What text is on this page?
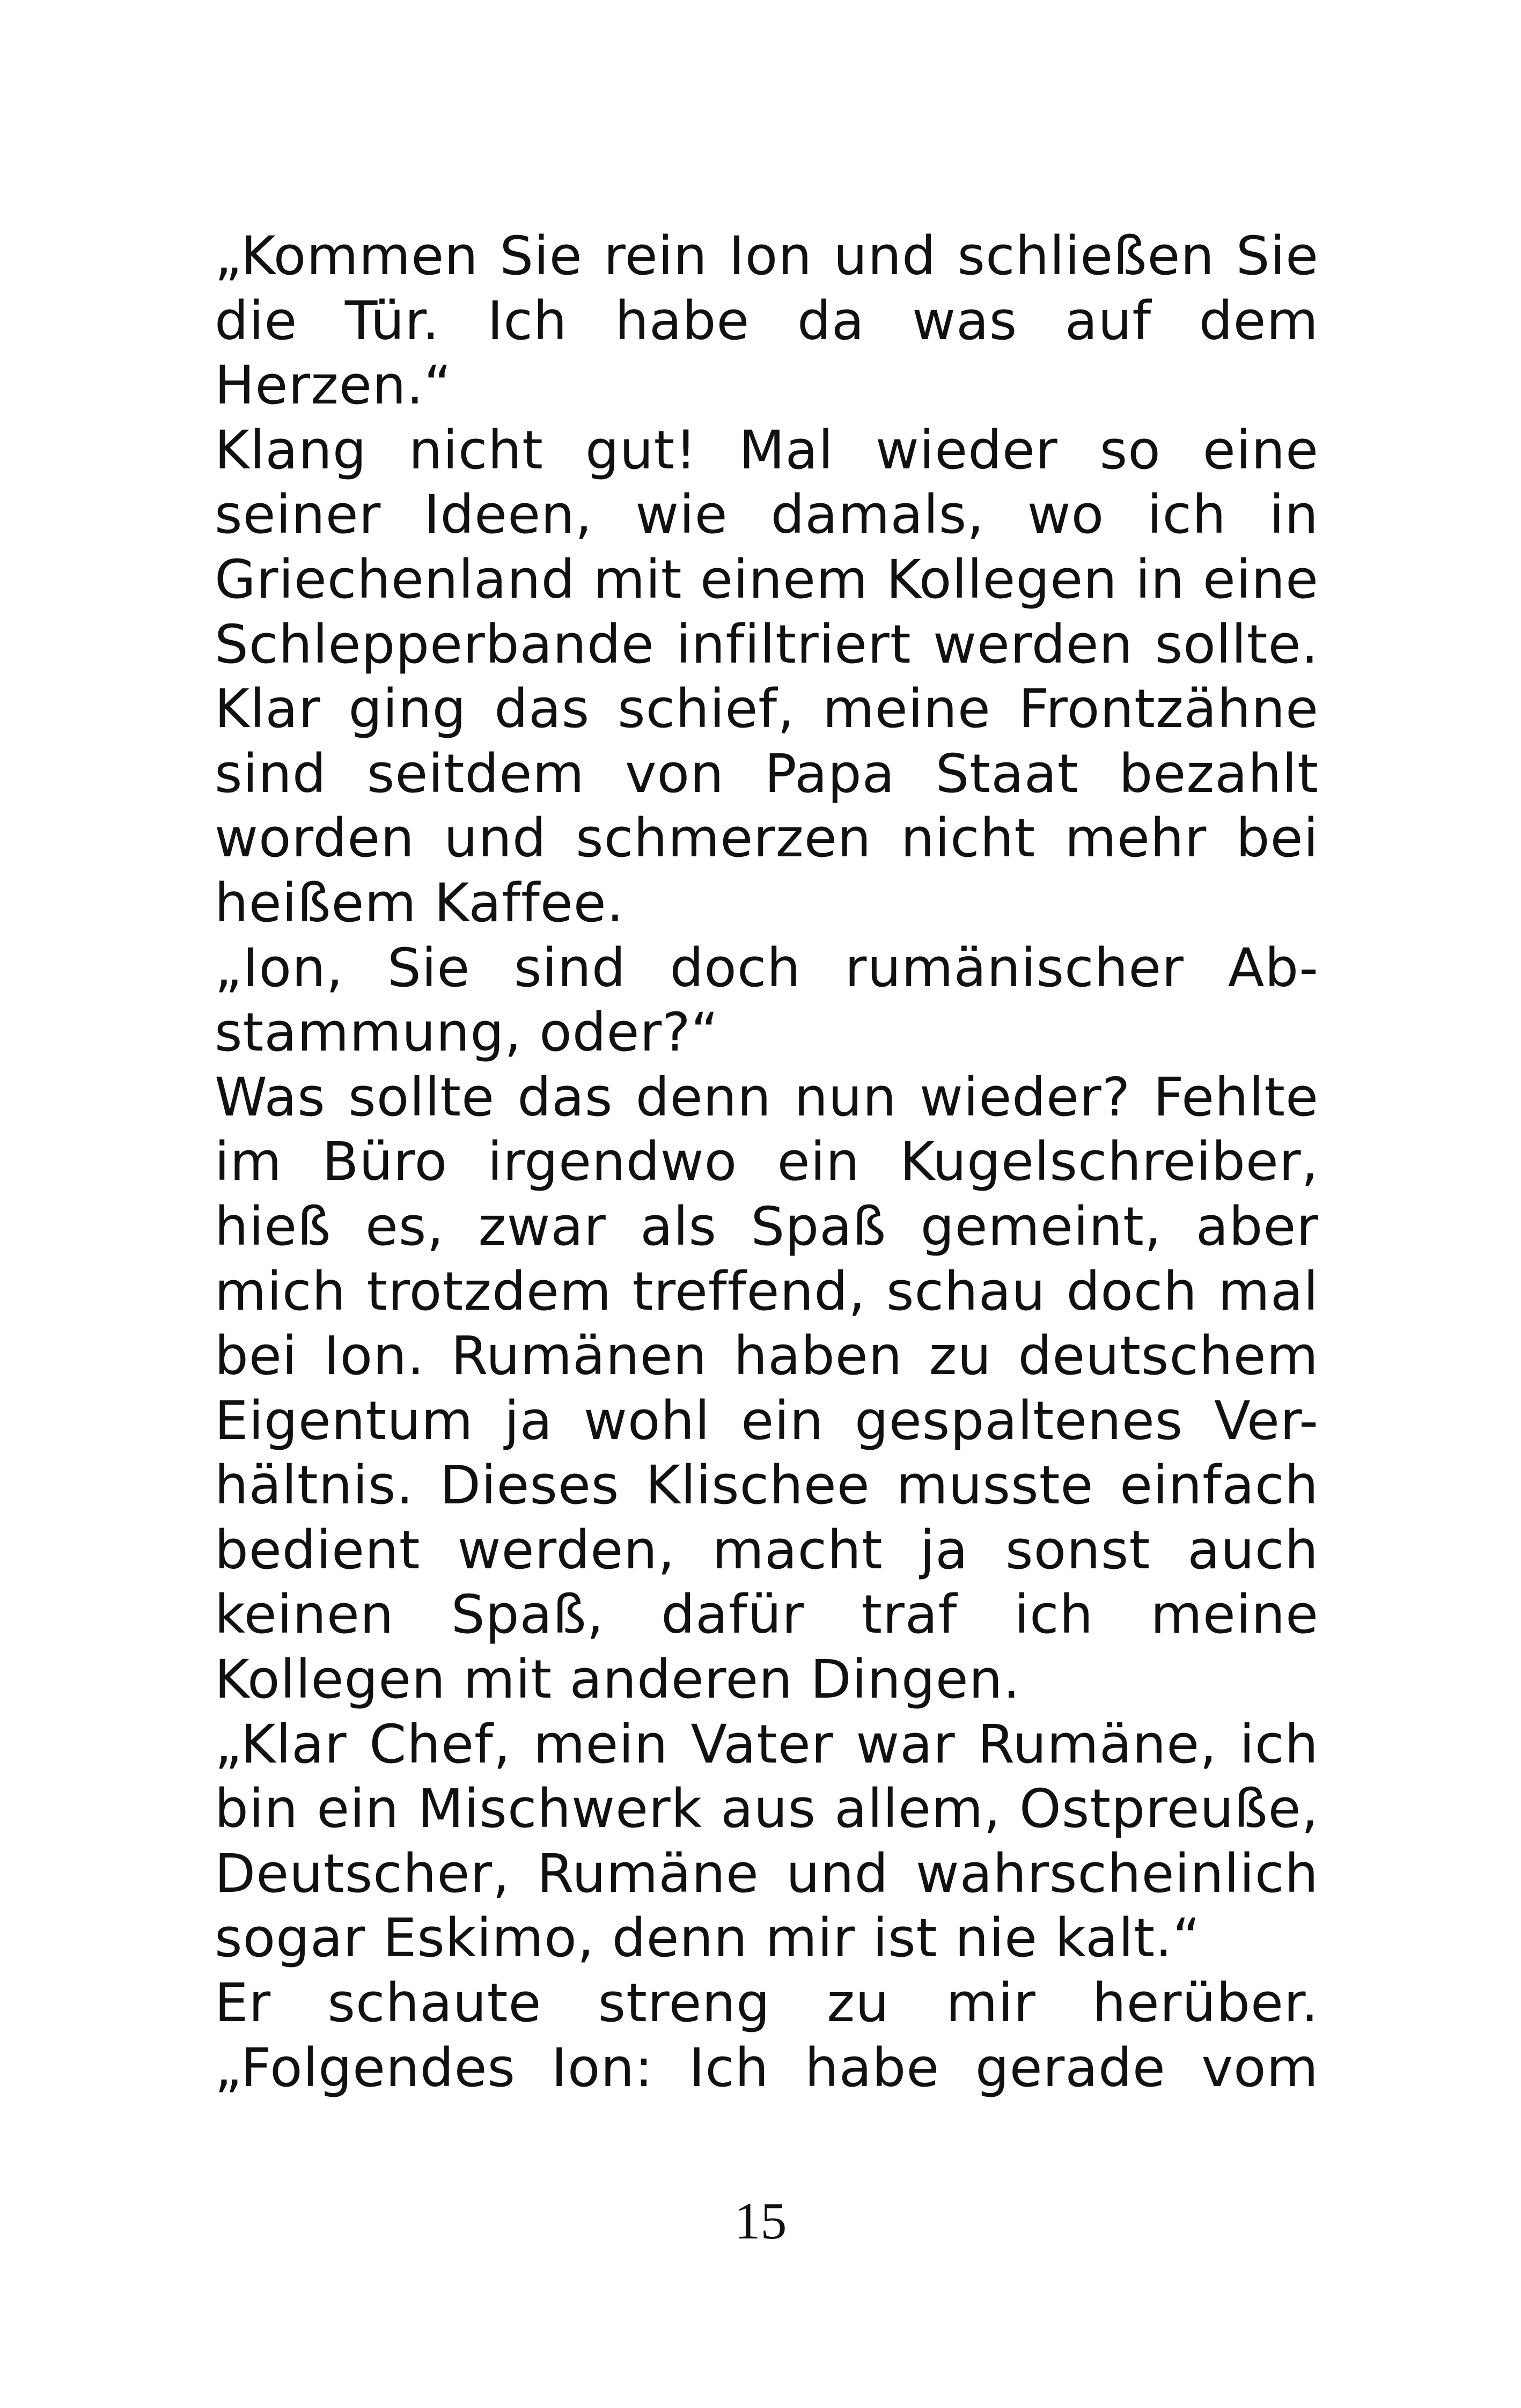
„Kommen Sie rein Ion und schließen Sie
die Tür. Ich habe da was auf dem
Herzen.“
Klang nicht gut! Mal wieder so eine
seiner Ideen, wie damals, wo ich in
Griechenland mit einem Kollegen in eine
Schlepperbande infiltriert werden sollte.
Klar ging das schief, meine Frontzähne
sind seitdem von Papa Staat bezahlt
worden und schmerzen nicht mehr bei
heißem Kaffee.
„Ion, Sie sind doch rumänischer Ab-
stammung, oder?“
Was sollte das denn nun wieder? Fehlte
im Büro irgendwo ein Kugelschreiber,
hieß es, zwar als Spaß gemeint, aber
mich trotzdem treffend, schau doch mal
bei Ion. Rumänen haben zu deutschem
Eigentum ja wohl ein gespaltenes Ver-
hältnis. Dieses Klischee musste einfach
bedient werden, macht ja sonst auch
keinen Spaß, dafür traf ich meine
Kollegen mit anderen Dingen.
„Klar Chef, mein Vater war Rumäne, ich
bin ein Mischwerk aus allem, Ostpreuße,
Deutscher, Rumäne und wahrscheinlich
sogar Eskimo, denn mir ist nie kalt.“
Er schaute streng zu mir herüber.
„Folgendes Ion: Ich habe gerade vom
15
